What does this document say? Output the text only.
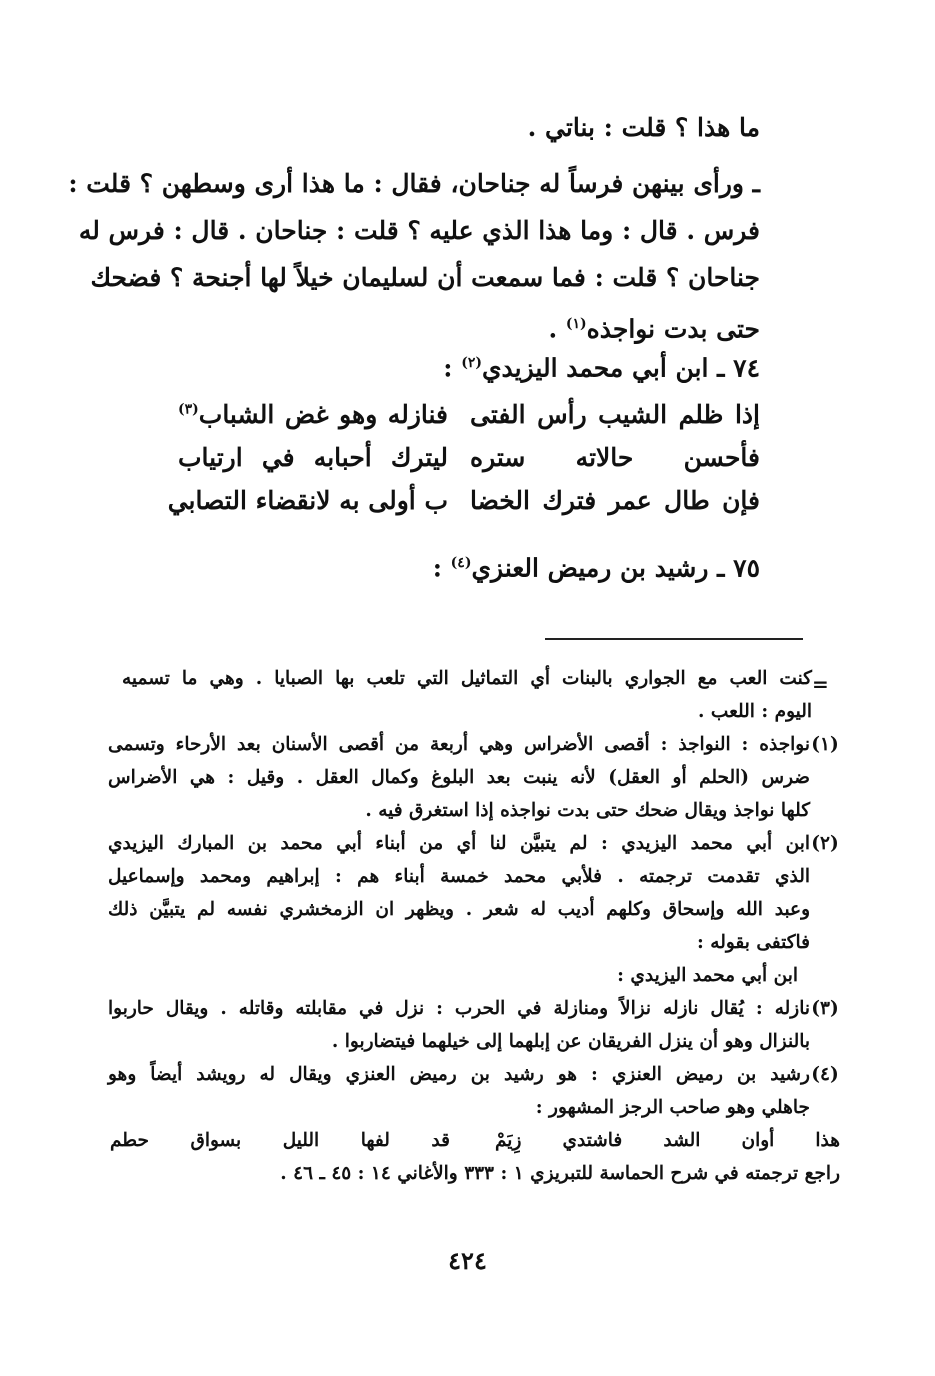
ما هذا ؟ قلت : بناتي .
ـ ورأى بينهن فرساً له جناحان، فقال : ما هذا أرى وسطهن ؟ قلت :
فرس . قال : وما هذا الذي عليه ؟ قلت : جناحان . قال : فرس له
جناحان ؟ قلت : فما سمعت أن لسليمان خيلاً لها أجنحة ؟ فضحك
حتى بدت نواجذه$^{(١)}$ .
٧٤ ـ ابن أبي محمد اليزيدي$^{(٢)}$ :
إذا ظلم الشيب رأس الفتى
فنازله وهو غض الشباب$^{(٣)}$
فأحسن حالاته ستره
ليترك أحبابه في ارتياب
فإن طال عمر فترك الخضا
ب أولى به لانقضاء التصابي
٧٥ ـ رشيد بن رميض العنزي$^{(٤)}$ :
=
كنت العب مع الجواري بالبنات أي التماثيل التي تلعب بها الصبايا . وهي ما تسميه
اليوم : اللعب .
(١)
نواجذه : النواجذ : أقصى الأضراس وهي أربعة من أقصى الأسنان بعد الأرحاء وتسمى
ضرس (الحلم أو العقل) لأنه ينبت بعد البلوغ وكمال العقل . وقيل : هي الأضراس
كلها نواجذ ويقال ضحك حتى بدت نواجذه إذا استغرق فيه .
(٢)
ابن أبي محمد اليزيدي : لم يتبيَّن لنا أي من أبناء أبي محمد بن المبارك اليزيدي
الذي تقدمت ترجمته . فلأبي محمد خمسة أبناء هم : إبراهيم ومحمد وإسماعيل
وعبد الله وإسحاق وكلهم أديب له شعر . ويظهر ان الزمخشري نفسه لم يتبيَّن ذلك
فاكتفى بقوله :
ابن أبي محمد اليزيدي :
(٣)
نازله : يُقال نازله نزالاً ومنازلة في الحرب : نزل في مقابلته وقاتله . ويقال حاربوا
بالنزال وهو أن ينزل الفريقان عن إبلهما إلى خيلهما فيتضاربوا .
(٤)
رشيد بن رميض العنزي : هو رشيد بن رميض العنزي ويقال له رويشد أيضاً وهو
جاهلي وهو صاحب الرجز المشهور :
هذا أوان الشد فاشتدي زِيَمْ
قد لفها الليل بسواق حطم
راجع ترجمته في شرح الحماسة للتبريزي ١ : ٣٣٣ والأغاني ١٤ : ٤٥ ـ ٤٦ .
٤٢٤
